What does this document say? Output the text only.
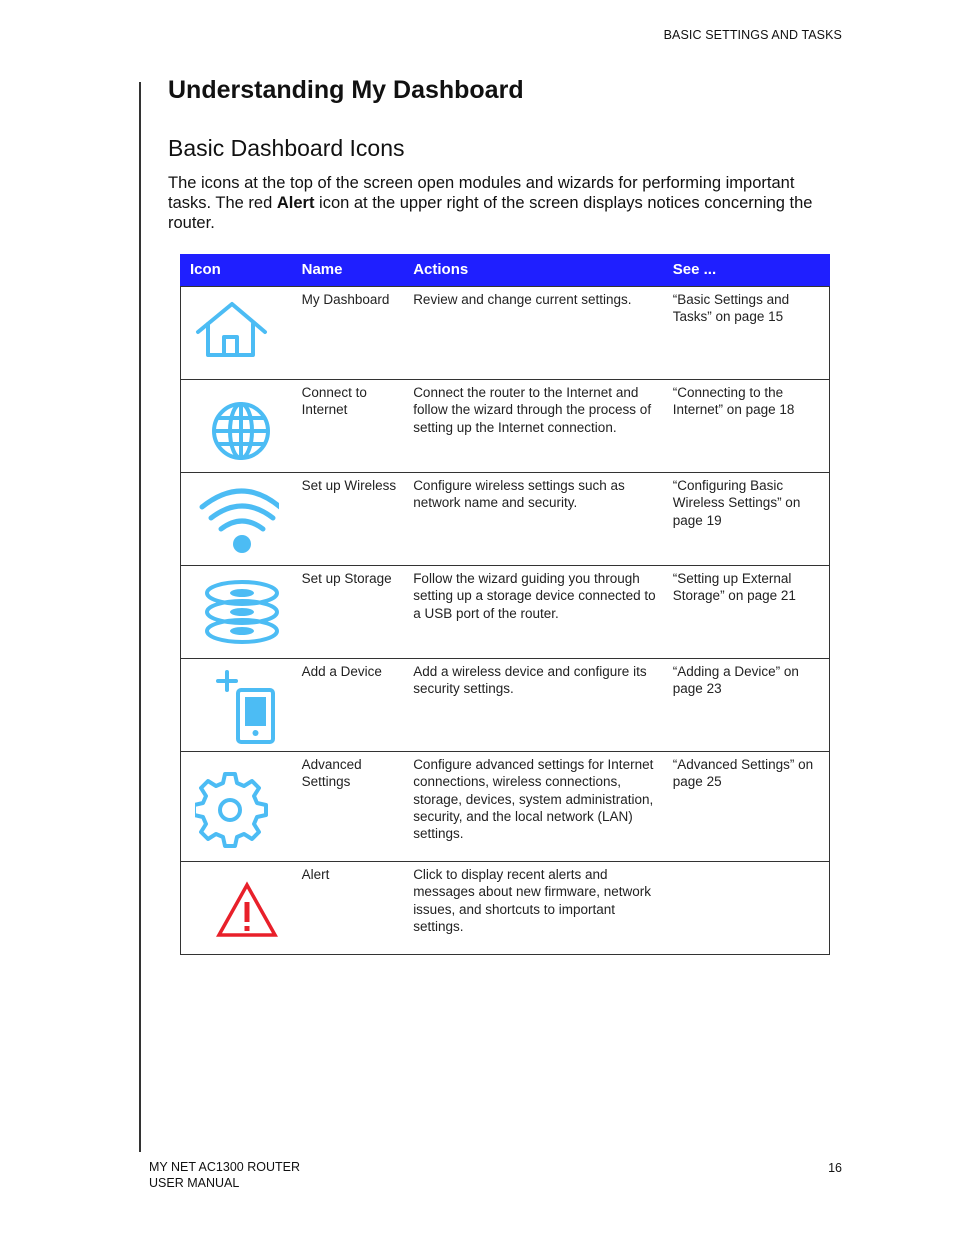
BASIC SETTINGS AND TASKS
Understanding My Dashboard
Basic Dashboard Icons

The icons at the top of the screen open modules and wizards for performing important tasks. The red Alert icon at the upper right of the screen displays notices concerning the router.

Icon	Name	Actions	See ...

	My Dashboard	Review and change current settings.	“Basic Settings and Tasks” on page 15

	Connect to Internet	Connect the router to the Internet and follow the wizard through the process of setting up the Internet connection.	“Connecting to the Internet” on page 18

	Set up Wireless	Configure wireless settings such as network name and security.	“Configuring Basic Wireless Settings” on page 19

	Set up Storage	Follow the wizard guiding you through setting up a storage device connected to a USB port of the router.	“Setting up External Storage” on page 21

	Add a Device	Add a wireless device and configure its security settings.	“Adding a Device” on page 23

	Advanced Settings	Configure advanced settings for Internet connections, wireless connections, storage, devices, system administration, security, and the local network (LAN) settings.	“Advanced Settings” on page 25

	Alert	Click to display recent alerts and messages about new firmware, network issues, and shortcuts to important settings.	
MY NET AC1300 ROUTER
USER MANUAL
16
